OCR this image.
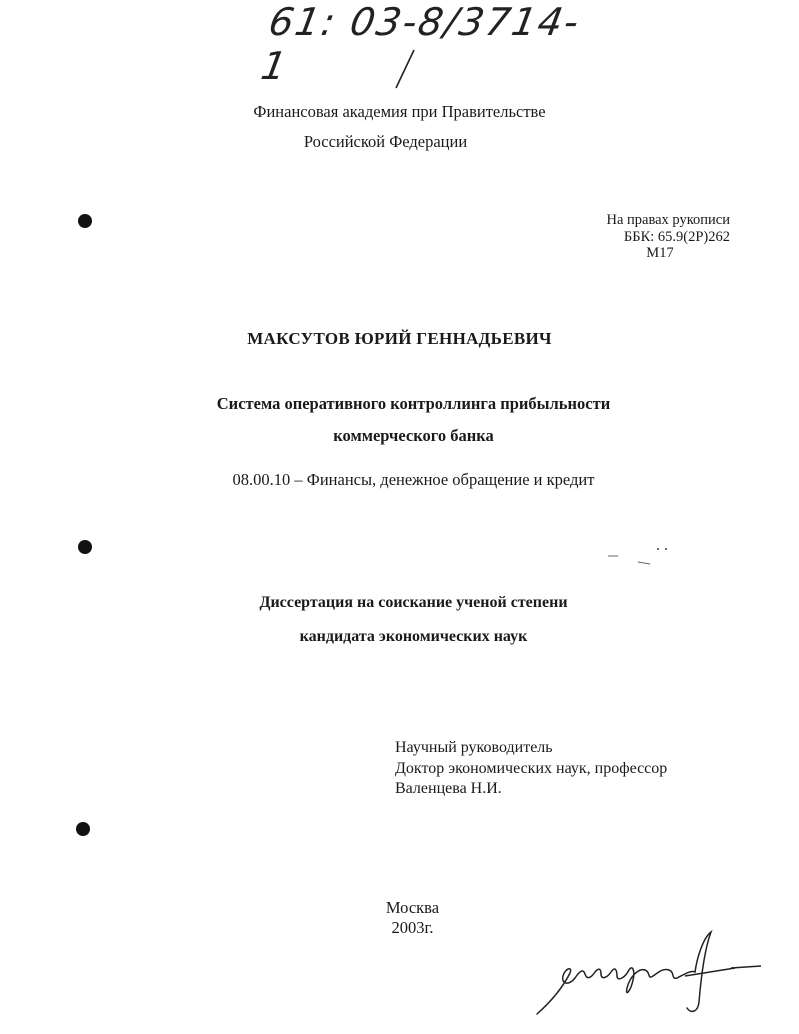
61: 03-8/3714-1
Финансовая академия при Правительстве
Российской Федерации
На правах рукописи
ББК: 65.9(2Р)262
М17
МАКСУТОВ ЮРИЙ ГЕННАДЬЕВИЧ
Система оперативного контроллинга прибыльности
коммерческого банка
08.00.10 – Финансы, денежное обращение и кредит
Диссертация на соискание ученой степени
кандидата экономических наук
Научный руководитель
Доктор экономических наук, профессор
Валенцева Н.И.
Москва
2003г.
